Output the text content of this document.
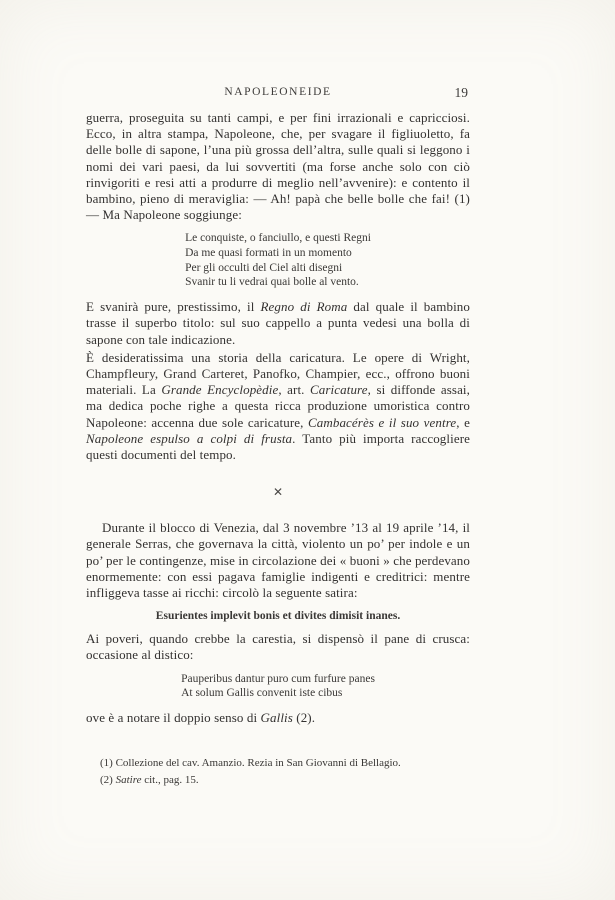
NAPOLEONEIDE	19

guerra, proseguita su tanti campi, e per fini irrazionali e capricciosi. Ecco, in altra stampa, Napoleone, che, per svagare il figliuoletto, fa delle bolle di sapone, l’una più grossa dell’altra, sulle quali si leggono i nomi dei vari paesi, da lui sovvertiti (ma forse anche solo con ciò rinvigoriti e resi atti a produrre di meglio nell’avvenire): e contento il bambino, pieno di meraviglia: — Ah! papà che belle bolle che fai! (1) — Ma Napoleone soggiunge:

Le conquiste, o fanciullo, e questi Regni
Da me quasi formati in un momento
Per gli occulti del Ciel alti disegni
Svanir tu li vedrai quai bolle al vento.

E svanirà pure, prestissimo, il Regno di Roma dal quale il bambino trasse il superbo titolo: sul suo cappello a punta vedesi una bolla di sapone con tale indicazione.

È desideratissima una storia della caricatura. Le opere di Wright, Champfleury, Grand Carteret, Panofko, Champier, ecc., offrono buoni materiali. La Grande Encyclopèdie, art. Caricature, si diffonde assai, ma dedica poche righe a questa ricca produzione umoristica contro Napoleone: accenna due sole caricature, Cambacérès e il suo ventre, e Napoleone espulso a colpi di frusta. Tanto più importa raccogliere questi documenti del tempo.

✕

Durante il blocco di Venezia, dal 3 novembre ’13 al 19 aprile ’14, il generale Serras, che governava la città, violento un po’ per indole e un po’ per le contingenze, mise in circolazione dei « buoni » che perdevano enormemente: con essi pagava famiglie indigenti e creditrici: mentre infliggeva tasse ai ricchi: circolò la seguente satira:

Esurientes implevit bonis et divites dimisit inanes.

Ai poveri, quando crebbe la carestia, si dispensò il pane di crusca: occasione al distico:

Pauperibus dantur puro cum furfure panes
At solum Gallis convenit iste cibus

ove è a notare il doppio senso di Gallis (2).

(1) Collezione del cav. Amanzio. Rezia in San Giovanni di Bellagio.

(2) Satire cit., pag. 15.
